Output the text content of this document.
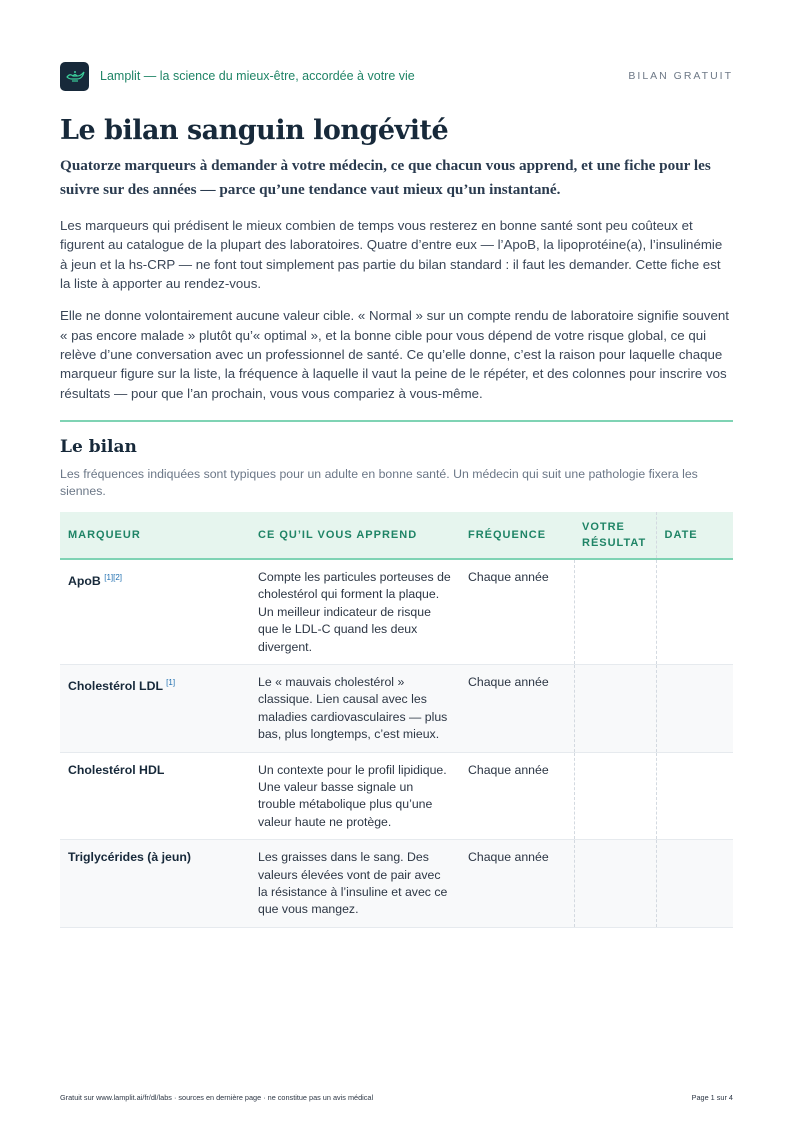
Lamplit — la science du mieux-être, accordée à votre vie	BILAN GRATUIT
Le bilan sanguin longévité
Quatorze marqueurs à demander à votre médecin, ce que chacun vous apprend, et une fiche pour les suivre sur des années — parce qu’une tendance vaut mieux qu’un instantané.

Les marqueurs qui prédisent le mieux combien de temps vous resterez en bonne santé sont peu coûteux et figurent au catalogue de la plupart des laboratoires. Quatre d’entre eux — l’ApoB, la lipoprotéine(a), l’insulinémie à jeun et la hs-CRP — ne font tout simplement pas partie du bilan standard : il faut les demander. Cette fiche est la liste à apporter au rendez-vous.

Elle ne donne volontairement aucune valeur cible. « Normal » sur un compte rendu de laboratoire signifie souvent « pas encore malade » plutôt qu’« optimal », et la bonne cible pour vous dépend de votre risque global, ce qui relève d’une conversation avec un professionnel de santé. Ce qu’elle donne, c’est la raison pour laquelle chaque marqueur figure sur la liste, la fréquence à laquelle il vaut la peine de le répéter, et des colonnes pour inscrire vos résultats — pour que l’an prochain, vous vous compariez à vous-même.

Le bilan
Les fréquences indiquées sont typiques pour un adulte en bonne santé. Un médecin qui suit une pathologie fixera les siennes.
MARQUEUR	CE QU’IL VOUS APPREND	FRÉQUENCE	VOTRE RÉSULTAT	DATE
ApoB [1][2]	Compte les particules porteuses de cholestérol qui forment la plaque. Un meilleur indicateur de risque que le LDL-C quand les deux divergent.	Chaque année		
Cholestérol LDL [1]	Le « mauvais cholestérol » classique. Lien causal avec les maladies cardiovasculaires — plus bas, plus longtemps, c’est mieux.	Chaque année		
Cholestérol HDL	Un contexte pour le profil lipidique. Une valeur basse signale un trouble métabolique plus qu’une valeur haute ne protège.	Chaque année		
Triglycérides (à jeun)	Les graisses dans le sang. Des valeurs élevées vont de pair avec la résistance à l’insuline et avec ce que vous mangez.	Chaque année		
Gratuit sur www.lamplit.ai/fr/dl/labs · sources en dernière page · ne constitue pas un avis médical	Page 1 sur 4
